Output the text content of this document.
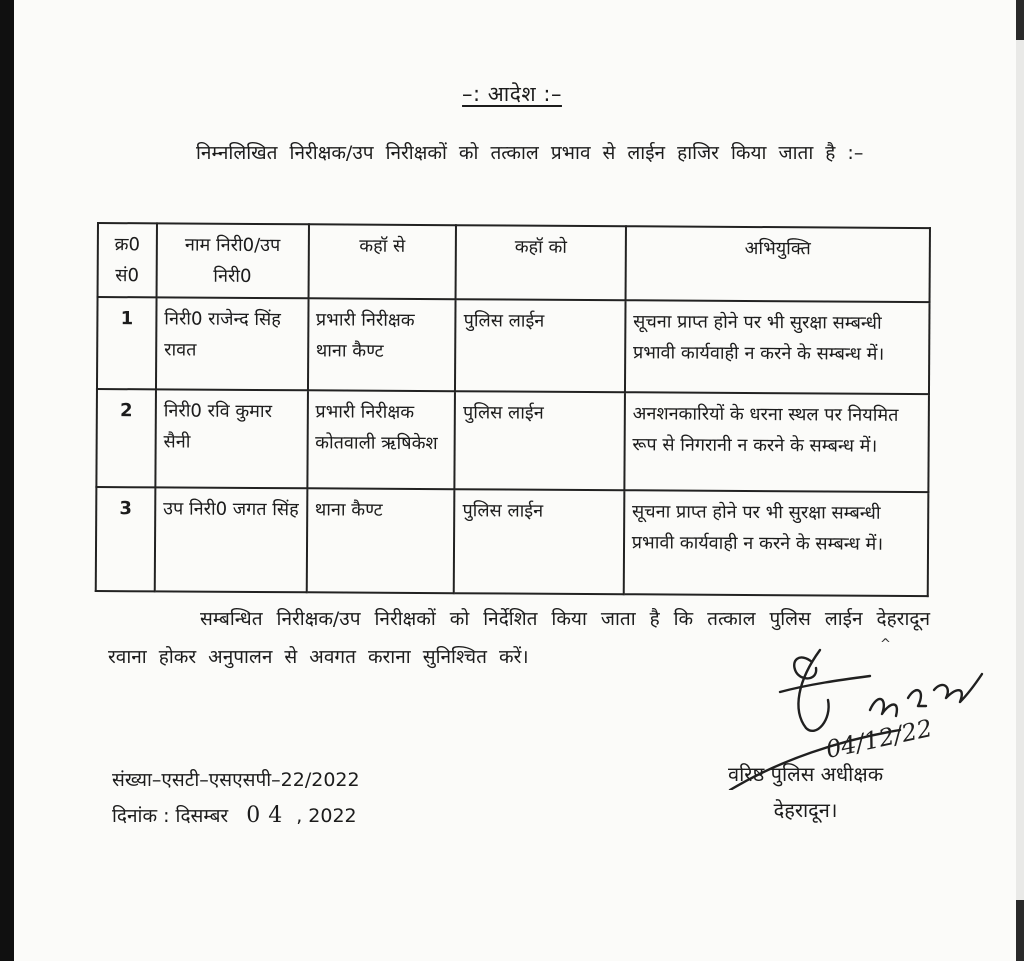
–: आदेश :–
निम्नलिखित निरीक्षक/उप निरीक्षकों को तत्काल प्रभाव से लाईन हाजिर किया जाता है :–
क्र0 सं0	नाम निरी0/उप निरी0	कहॉ से	कहॉ को	अभियुक्ति
1	निरी0 राजेन्द सिंह रावत	प्रभारी निरीक्षक थाना कैण्ट	पुलिस लाईन	सूचना प्राप्त होने पर भी सुरक्षा सम्बन्धी प्रभावी कार्यवाही न करने के सम्बन्ध में।
2	निरी0 रवि कुमार सैनी	प्रभारी निरीक्षक कोतवाली ऋषिकेश	पुलिस लाईन	अनशनकारियों के धरना स्थल पर नियमित रूप से निगरानी न करने के सम्बन्ध में।
3	उप निरी0 जगत सिंह	थाना कैण्ट	पुलिस लाईन	सूचना प्राप्त होने पर भी सुरक्षा सम्बन्धी प्रभावी कार्यवाही न करने के सम्बन्ध में।
सम्बन्धित निरीक्षक/उप निरीक्षकों को निर्देशित किया जाता है कि तत्काल पुलिस लाईन देहरादून रवाना होकर अनुपालन से अवगत कराना सुनिश्चित करें।
^
संख्या–एसटी–एसएसपी–22/2022
दिनांक : दिसम्बर 04 , 2022
वरिष्ठ पुलिस अधीक्षक
देहरादून।
04/12/22
